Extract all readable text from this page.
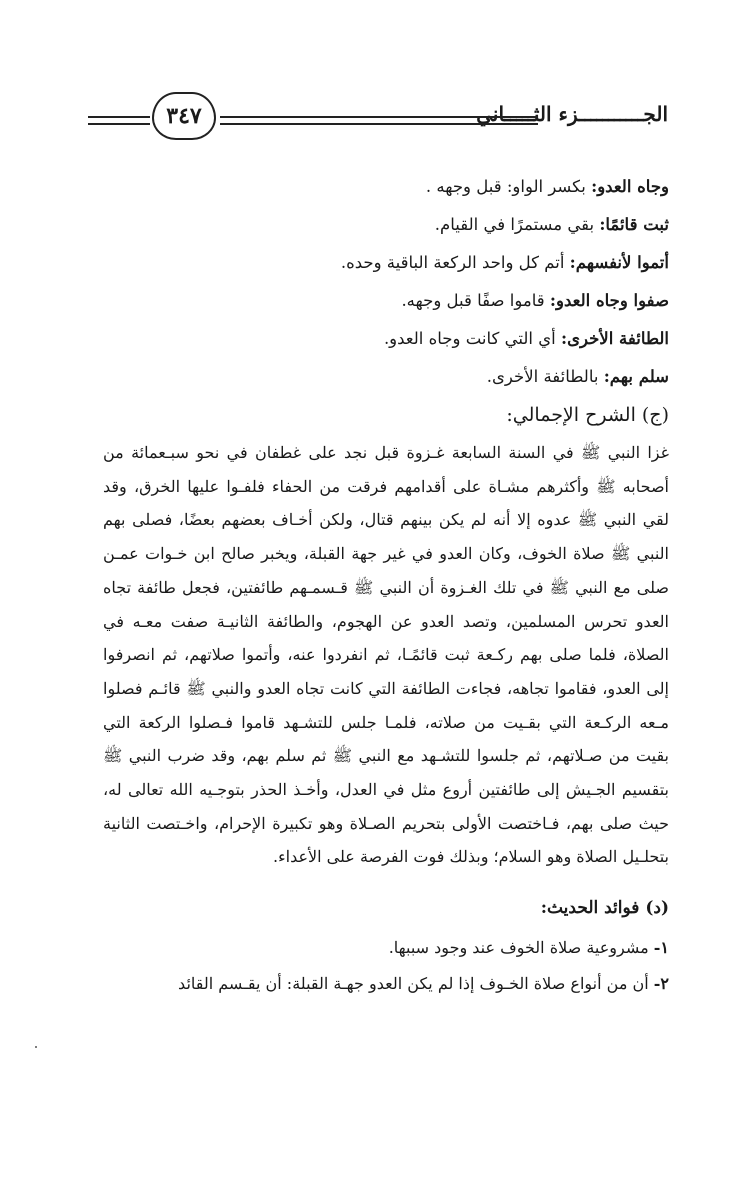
الجـــــــــــزء الثـــــاني
٣٤٧
وجاه العدو: بكسر الواو: قبل وجهه .
ثبت قائمًا: بقي مستمرًا في القيام.
أتموا لأنفسهم: أتم كل واحد الركعة الباقية وحده.
صفوا وجاه العدو: قاموا صفًا قبل وجهه.
الطائفة الأخرى: أي التي كانت وجاه العدو.
سلم بهم: بالطائفة الأخرى.
(ج) الشرح الإجمالي:
غزا النبي ﷺ في السنة السابعة غـزوة قبل نجد على غطفان في نحو سبـعمائة من أصحابه ﷺ وأكثرهم مشـاة على أقدامهم فرقت من الحفاء فلفـوا عليها الخرق، وقد لقي النبي ﷺ عدوه إلا أنه لم يكن بينهم قتال، ولكن أخـاف بعضهم بعضًا، فصلى بهم النبي ﷺ صلاة الخوف، وكان العدو في غير جهة القبلة، ويخبر صالح ابن خـوات عمـن صلى مع النبي ﷺ في تلك الغـزوة أن النبي ﷺ قـسمـهم طائفتين، فجعل طائفة تجاه العدو تحرس المسلمين، وتصد العدو عن الهجوم، والطائفة الثانيـة صفت معـه في الصلاة، فلما صلى بهم ركـعة ثبت قائمًـا، ثم انفردوا عنه، وأتموا صلاتهم، ثم انصرفوا إلى العدو، فقاموا تجاهه، فجاءت الطائفة التي كانت تجاه العدو والنبي ﷺ قائـم فصلوا مـعه الركـعة التي بقـيت من صلاته، فلمـا جلس للتشـهد قاموا فـصلوا الركعة التي بقيت من صـلاتهم، ثم جلسوا للتشـهد مع النبي ﷺ ثم سلم بهم، وقد ضرب النبي ﷺ بتقسيم الجـيش إلى طائفتين أروع مثل في العدل، وأخـذ الحذر بتوجـيه الله تعالى له، حيث صلى بهم، فـاختصت الأولى بتحريم الصـلاة وهو تكبيرة الإحرام، واخـتصت الثانية بتحلـيل الصلاة وهو السلام؛ وبذلك فوت الفرصة على الأعداء.
(د) فوائد الحديث:
١- مشروعية صلاة الخوف عند وجود سببها.
٢- أن من أنواع صلاة الخـوف إذا لم يكن العدو جهـة القبلة: أن يقـسم القائد
